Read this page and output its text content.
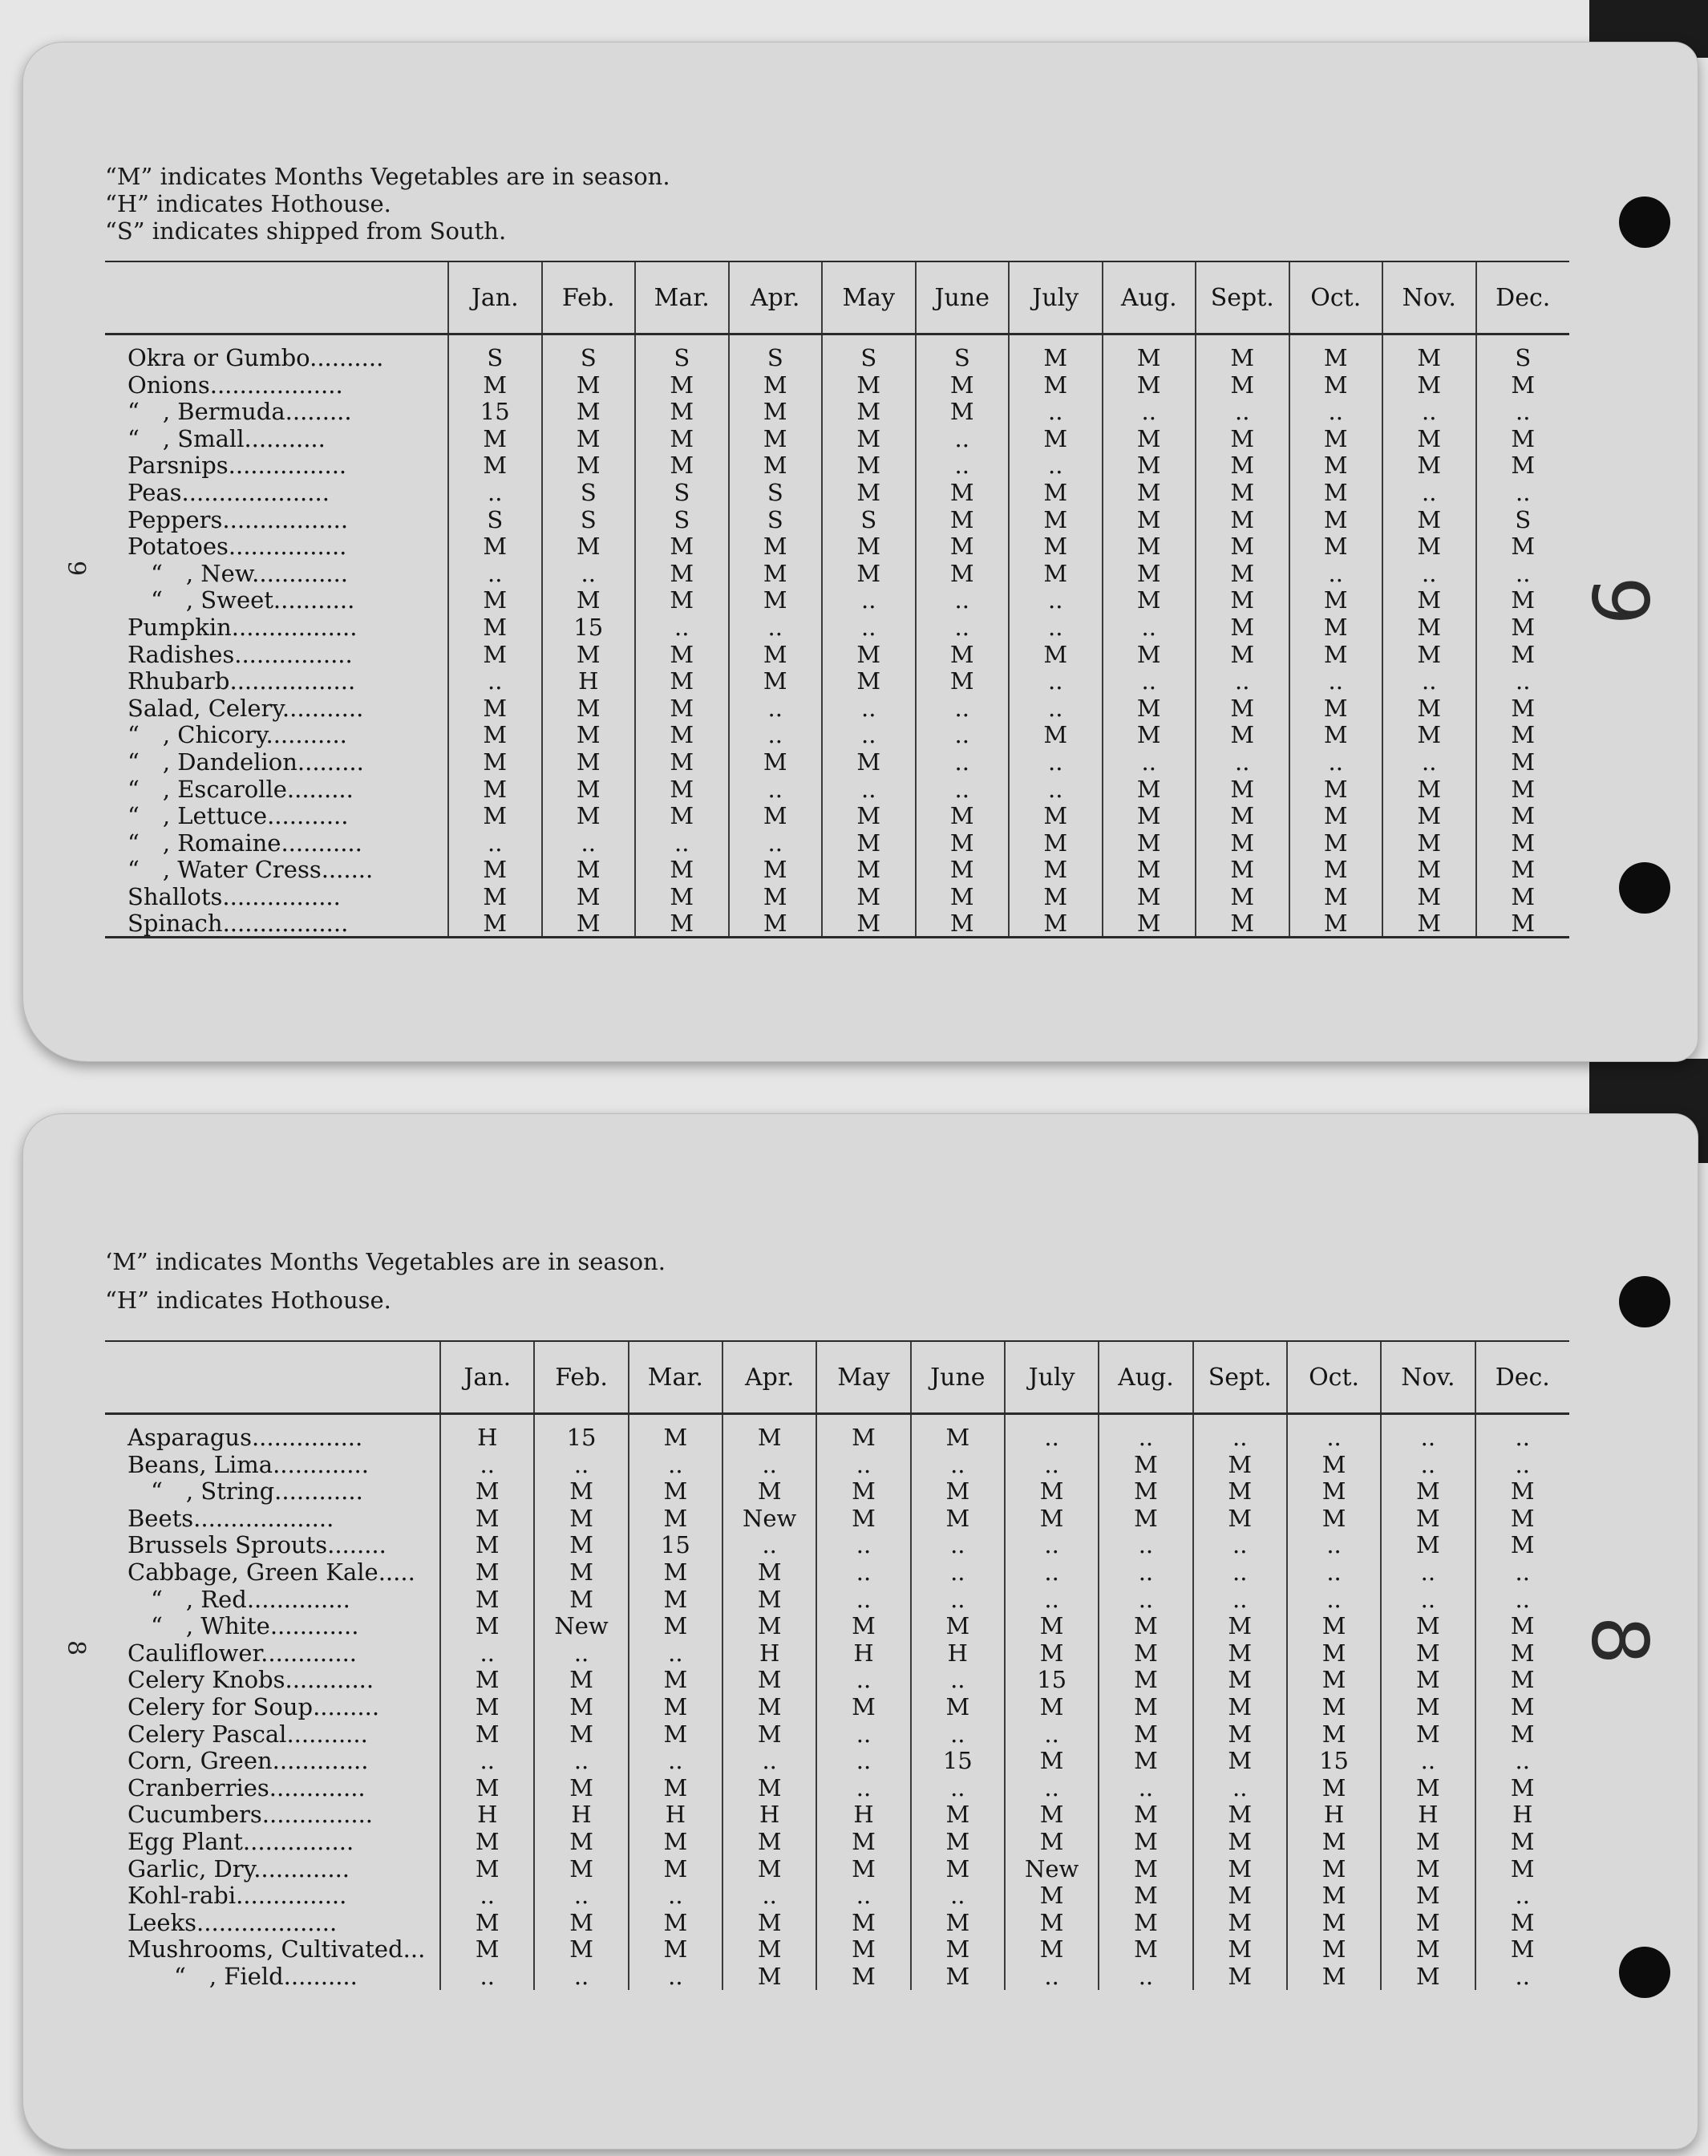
“M” indicates Months Vegetables are in season.
“H” indicates Hothouse.
“S” indicates shipped from South.
9
9
	Jan.	Feb.	Mar.	Apr.	May	June	July	Aug.	Sept.	Oct.	Nov.	Dec.
Okra or Gumbo..........	S	S	S	S	S	S	M	M	M	M	M	S
Onions..................	M	M	M	M	M	M	M	M	M	M	M	M
“  , Bermuda.........	15	M	M	M	M	M	..	..	..	..	..	..
“  , Small...........	M	M	M	M	M	..	M	M	M	M	M	M
Parsnips................	M	M	M	M	M	..	..	M	M	M	M	M
Peas....................	..	S	S	S	M	M	M	M	M	M	..	..
Peppers.................	S	S	S	S	S	M	M	M	M	M	M	S
Potatoes................	M	M	M	M	M	M	M	M	M	M	M	M
 “  , New.............	..	..	M	M	M	M	M	M	M	..	..	..
 “  , Sweet...........	M	M	M	M	..	..	..	M	M	M	M	M
Pumpkin.................	M	15	..	..	..	..	..	..	M	M	M	M
Radishes................	M	M	M	M	M	M	M	M	M	M	M	M
Rhubarb.................	..	H	M	M	M	M	..	..	..	..	..	..
Salad, Celery...........	M	M	M	..	..	..	..	M	M	M	M	M
“  , Chicory...........	M	M	M	..	..	..	M	M	M	M	M	M
“  , Dandelion.........	M	M	M	M	M	..	..	..	..	..	..	M
“  , Escarolle.........	M	M	M	..	..	..	..	M	M	M	M	M
“  , Lettuce...........	M	M	M	M	M	M	M	M	M	M	M	M
“  , Romaine...........	..	..	..	..	M	M	M	M	M	M	M	M
“  , Water Cress.......	M	M	M	M	M	M	M	M	M	M	M	M
Shallots................	M	M	M	M	M	M	M	M	M	M	M	M
Spinach.................	M	M	M	M	M	M	M	M	M	M	M	M
‘M” indicates Months Vegetables are in season.
“H” indicates Hothouse.
8	8
	Jan.	Feb.	Mar.	Apr.	May	June	July	Aug.	Sept.	Oct.	Nov.	Dec.
Asparagus...............	H	15	M	M	M	M	..	..	..	..	..	..
Beans, Lima.............	..	..	..	..	..	..	..	M	M	M	..	..
 “  , String............	M	M	M	M	M	M	M	M	M	M	M	M
Beets...................	M	M	M	New	M	M	M	M	M	M	M	M
Brussels Sprouts........	M	M	15	..	..	..	..	..	..	..	M	M
Cabbage, Green Kale.....	M	M	M	M	..	..	..	..	..	..	..	..
 “  , Red..............	M	M	M	M	..	..	..	..	..	..	..	..
 “  , White............	M	New	M	M	M	M	M	M	M	M	M	M
Cauliflower.............	..	..	..	H	H	H	M	M	M	M	M	M
Celery Knobs............	M	M	M	M	..	..	15	M	M	M	M	M
Celery for Soup.........	M	M	M	M	M	M	M	M	M	M	M	M
Celery Pascal...........	M	M	M	M	..	..	..	M	M	M	M	M
Corn, Green.............	..	..	..	..	..	15	M	M	M	15	..	..
Cranberries.............	M	M	M	M	..	..	..	..	..	M	M	M
Cucumbers...............	H	H	H	H	H	M	M	M	M	H	H	H
Egg Plant...............	M	M	M	M	M	M	M	M	M	M	M	M
Garlic, Dry.............	M	M	M	M	M	M	New	M	M	M	M	M
Kohl-rabi...............	..	..	..	..	..	..	M	M	M	M	M	..
Leeks...................	M	M	M	M	M	M	M	M	M	M	M	M
Mushrooms, Cultivated...	M	M	M	M	M	M	M	M	M	M	M	M
  “  , Field..........	..	..	..	M	M	M	..	..	M	M	M	..
